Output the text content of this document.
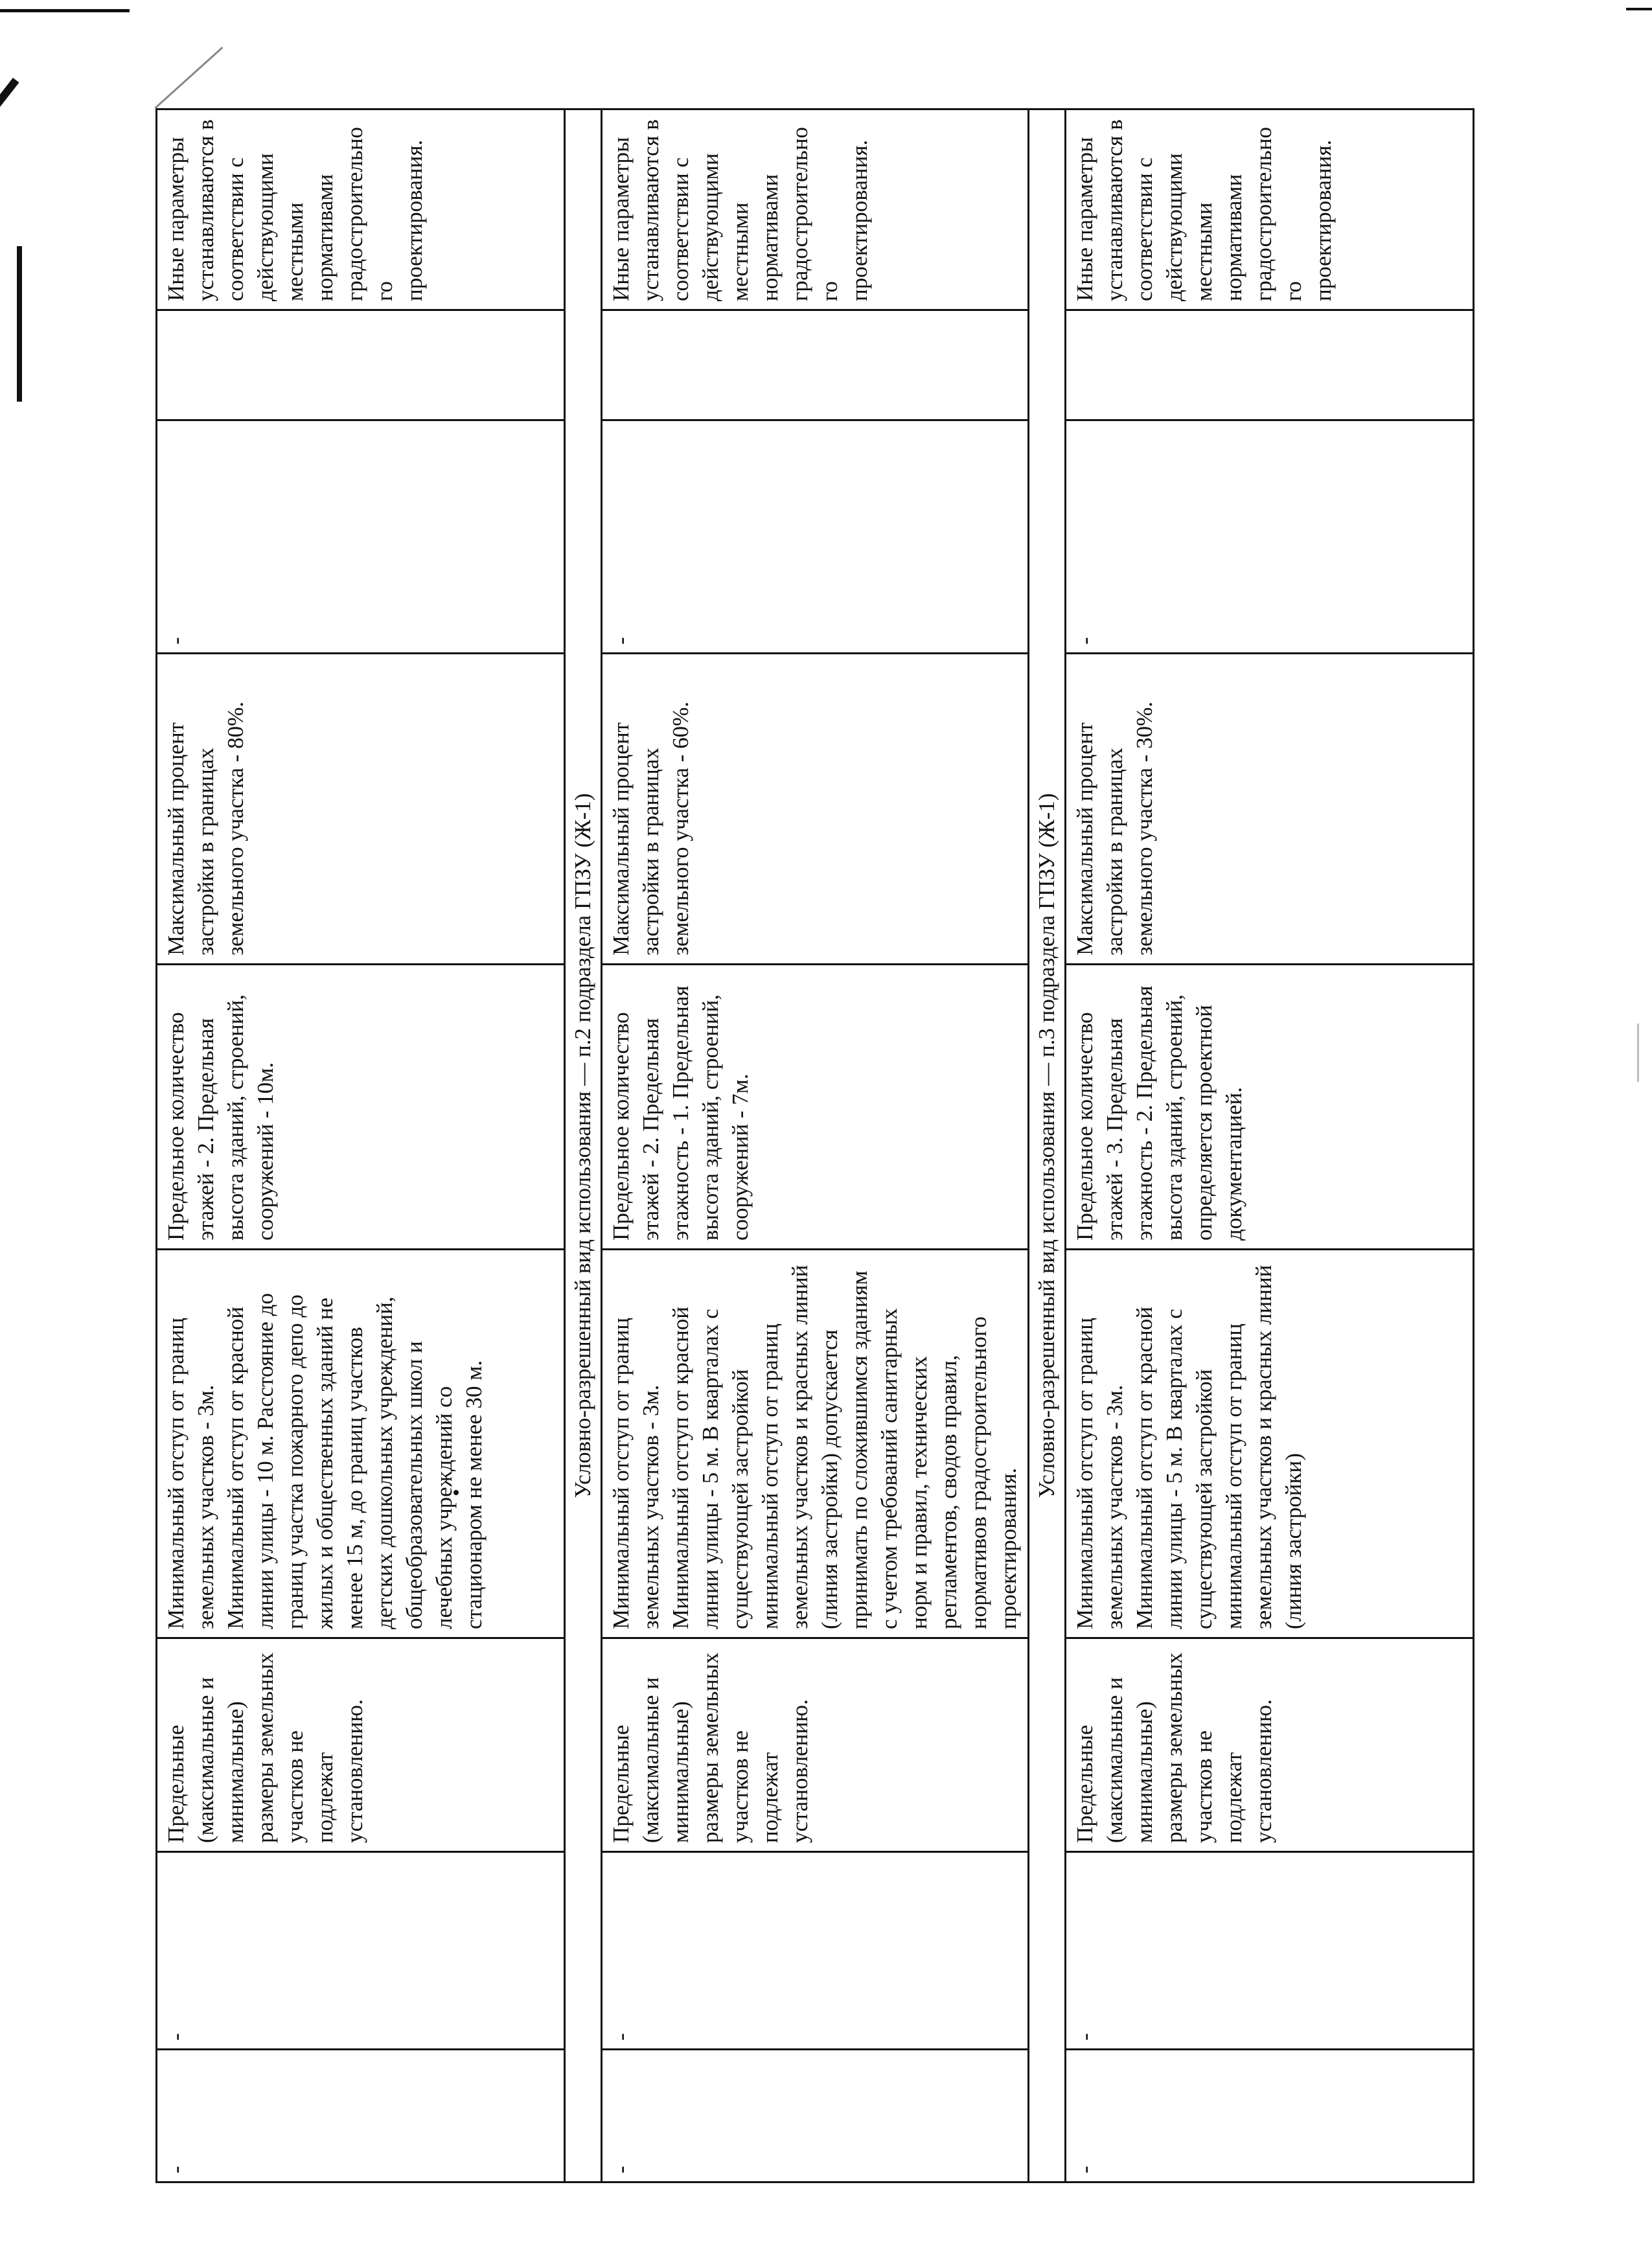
-	-	Предельные (максимальные и минимальные) размеры земельных участков не подлежат установлению.	Минимальный отступ от границ земельных участков - 3м. Минимальный отступ от красной линии улицы - 10 м. Расстояние до границ участка пожарного депо до жилых и общественных зданий не менее 15 м, до границ участков детских дошкольных учреждений, общеобразовательных школ и лечебных учреждений со стационаром не менее 30 м.	Предельное количество этажей - 2. Предельная высота зданий, строений, сооружений - 10м.	Максимальный процент застройки в границах земельного участка - 80%.	-		Иные параметры устанавливаются в соответствии с действующими местными нормативами градостроительного проектирования.
Условно-разрешенный вид использования — п.2 подраздела ГПЗУ (Ж-1)								
-	-	Предельные (максимальные и минимальные) размеры земельных участков не подлежат установлению.	Минимальный отступ от границ земельных участков - 3м. Минимальный отступ от красной линии улицы - 5 м. В кварталах с существующей застройкой минимальный отступ от границ земельных участков и красных линий (линия застройки) допускается принимать по сложившимся зданиям с учетом требований санитарных норм и правил, технических регламентов, сводов правил, нормативов градостроительного проектирования.	Предельное количество этажей - 2. Предельная этажность - 1. Предельная высота зданий, строений, сооружений - 7м.	Максимальный процент застройки в границах земельного участка - 60%.	-		Иные параметры устанавливаются в соответствии с действующими местными нормативами градостроительного проектирования.
Условно-разрешенный вид использования — п.3 подраздела ГПЗУ (Ж-1)								
-	-	Предельные (максимальные и минимальные) размеры земельных участков не подлежат установлению.	Минимальный отступ от границ земельных участков - 3м. Минимальный отступ от красной линии улицы - 5 м. В кварталах с существующей застройкой минимальный отступ от границ земельных участков и красных линий (линия застройки)	Предельное количество этажей - 3. Предельная этажность - 2. Предельная высота зданий, строений, определяется проектной документацией.	Максимальный процент застройки в границах земельного участка - 30%.	-		Иные параметры устанавливаются в соответствии с действующими местными нормативами градостроительного проектирования.
